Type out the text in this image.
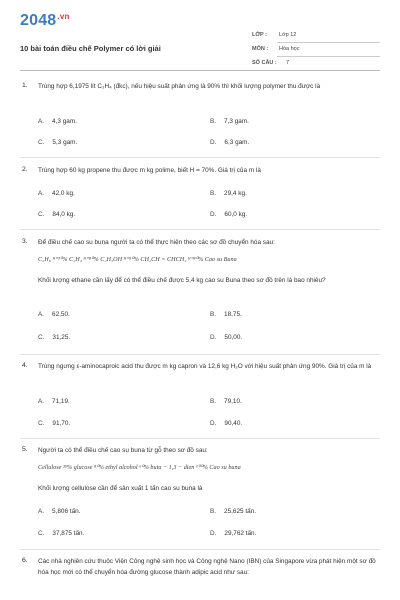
$2048^{.vn}$
10 bài toán điều chế Polymer có lời giải
LỚP : Lớp 12
MÔN : Hóa học
SỐ CÂU : 7
1. Trùng hợp 6,1975 lít C₂H₄ (đkc), nếu hiệu suất phản ứng là 90% thì khối lượng polymer thu được là
A. 4,3 gam.	B. 7,3 gam.
C. 5,3 gam.	D. 6,3 gam.
2. Trùng hợp 60 kg propene thu được m kg polime, biết H = 70%. Giá trị của m là
A. 42,0 kg.	B. 29,4 kg.
C. 84,0 kg.	D. 60,0 kg.
3. Để điều chế cao su buna người ta có thể thực hiện theo các sơ đồ chuyển hóa sau:
C₂H₆ ᴴ⁼³⁰% C₂H₄ ᴴ⁼⁸⁰% C₂H₅OH ᴴ⁼⁵⁰% CH₂CH = CHCH₂ ᴴ⁼⁸⁰% Cao su Buna
Khối lượng ethane cần lấy để có thể điều chế được 5,4 kg cao su Buna theo sơ đồ trên là bao nhiêu?
A. 62,50.	B. 18,75.
C. 31,25.	D. 50,00.
4. Trùng ngưng ε-aminocaproic acid thu được m kg capron và 12,6 kg H₂O với hiệu suất phản ứng 90%. Giá trị của m là
A. 71,19.	B. 79,10.
C. 91,70.	D. 90,40.
5. Người ta có thể điều chế cao su buna từ gỗ theo sơ đồ sau:
Cellulose ³⁵% glucose ⁸⁰% ethyl alcohol ⁶⁰% buta − 1,3 − dien ¹⁰⁰% Cao su buna
Khối lượng cellulose cần để sản xuất 1 tấn cao su buna là
A. 5,806 tấn.	B. 25,625 tấn.
C. 37,875 tấn.	D. 29,762 tấn.
6. Các nhà nghiên cứu thuộc Viện Công nghệ sinh học và Công nghệ Nano (IBN) của Singapore vừa phát hiện một sơ đồ hóa học mới có thể chuyển hóa đường glucose thành adipic acid như sau:
